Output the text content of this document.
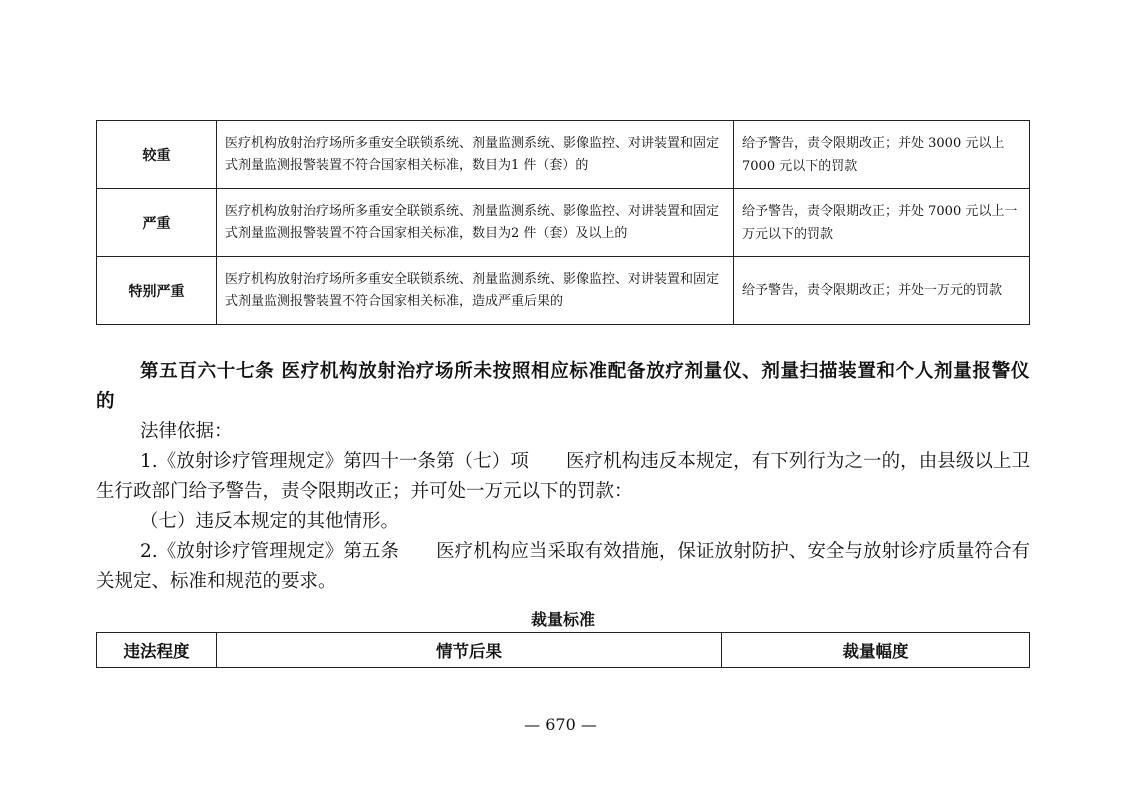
较重	医疗机构放射治疗场所多重安全联锁系统、剂量监测系统、影像监控、对讲装置和固定式剂量监测报警装置不符合国家相关标准，数目为1 件（套）的	给予警告，责令限期改正；并处 3000 元以上 7000 元以下的罚款
严重	医疗机构放射治疗场所多重安全联锁系统、剂量监测系统、影像监控、对讲装置和固定式剂量监测报警装置不符合国家相关标准，数目为2 件（套）及以上的	给予警告，责令限期改正；并处 7000 元以上一万元以下的罚款
特别严重	医疗机构放射治疗场所多重安全联锁系统、剂量监测系统、影像监控、对讲装置和固定式剂量监测报警装置不符合国家相关标准，造成严重后果的	给予警告，责令限期改正；并处一万元的罚款
第五百六十七条 医疗机构放射治疗场所未按照相应标准配备放疗剂量仪、剂量扫描装置和个人剂量报警仪的
法律依据：
1.《放射诊疗管理规定》第四十一条第（七）项　　医疗机构违反本规定，有下列行为之一的，由县级以上卫生行政部门给予警告，责令限期改正；并可处一万元以下的罚款：
（七）违反本规定的其他情形。
2.《放射诊疗管理规定》第五条　　医疗机构应当采取有效措施，保证放射防护、安全与放射诊疗质量符合有关规定、标准和规范的要求。
裁量标准
违法程度	情节后果	裁量幅度
— 670 —
